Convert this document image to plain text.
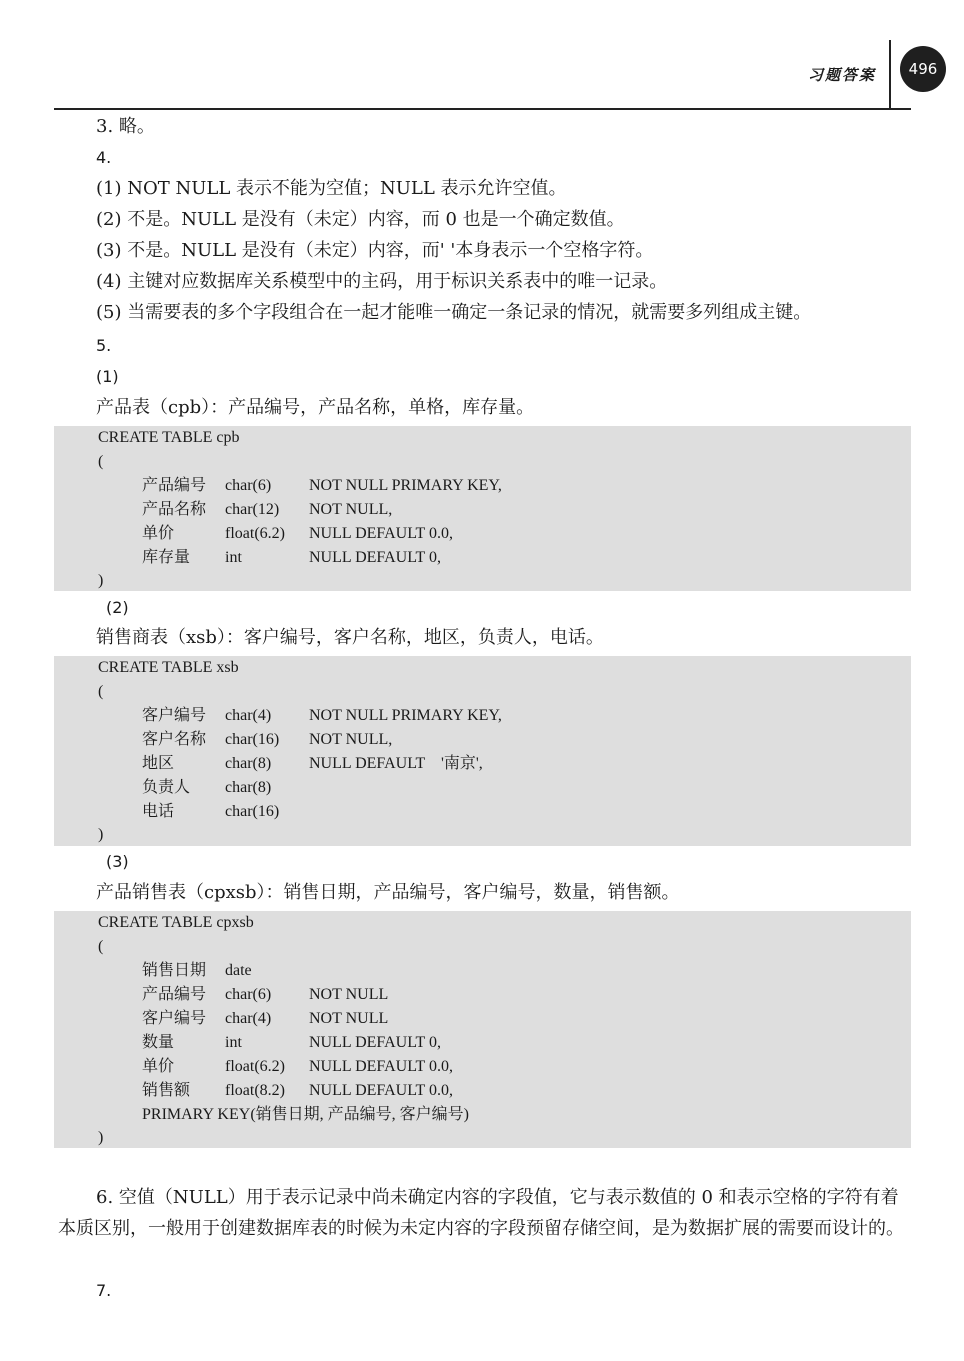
习题答案	496
3. 略。
4.
(1) NOT NULL 表示不能为空值；NULL 表示允许空值。
(2) 不是。NULL 是没有（未定）内容，而 0 也是一个确定数值。
(3) 不是。NULL 是没有（未定）内容，而' '本身表示一个空格字符。
(4) 主键对应数据库关系模型中的主码，用于标识关系表中的唯一记录。
(5) 当需要表的多个字段组合在一起才能唯一确定一条记录的情况，就需要多列组成主键。
5.
(1)
产品表（cpb）：产品编号，产品名称，单格，库存量。
CREATE TABLE cpb
(
产品编号 char(6) NOT NULL PRIMARY KEY,
产品名称 char(12) NOT NULL,
单价	float(6.2) NULL DEFAULT 0.0,
库存量 int	NULL DEFAULT 0,
)
(2)
销售商表（xsb）：客户编号，客户名称，地区，负责人，电话。
CREATE TABLE xsb
(
客户编号 char(4) NOT NULL PRIMARY KEY,
客户名称 char(16) NOT NULL,
地区	char(8) NULL DEFAULT    '南京',
负责人 char(8)
电话	char(16)
)
(3)
产品销售表（cpxsb）：销售日期，产品编号，客户编号，数量，销售额。
CREATE TABLE cpxsb
(
销售日期 date
产品编号 char(6) NOT NULL
客户编号 char(4) NOT NULL
数量	int	NULL DEFAULT 0,
单价	float(6.2) NULL DEFAULT 0.0,
销售额 float(8.2) NULL DEFAULT 0.0,
PRIMARY KEY(销售日期, 产品编号, 客户编号)
)
6. 空值（NULL）用于表示记录中尚未确定内容的字段值，它与表示数值的 0 和表示空格的字符有着本质区别，一般用于创建数据库表的时候为未定内容的字段预留存储空间，是为数据扩展的需要而设计的。
7.
